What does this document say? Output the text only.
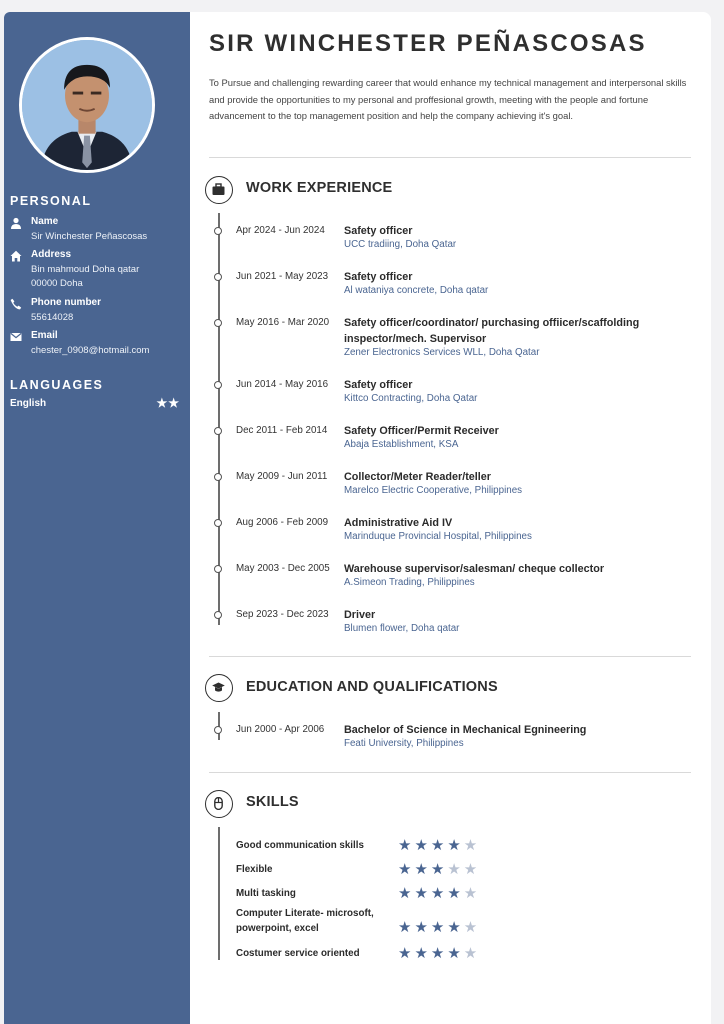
PERSONAL
Name
Sir Winchester Peñascosas
Address
Bin mahmoud Doha qatar
00000 Doha
Phone number
55614028
Email
chester_0908@hotmail.com
LANGUAGES
English	★★
SIR WINCHESTER PEÑASCOSAS
To Pursue and challenging rewarding career that would enhance my technical management and interpersonal skills and provide the opportunities to my personal and proffesional growth, meeting with the people and fortune advancement to the top management position and help the company achieving it's goal.
WORK EXPERIENCE
Apr 2024 - Jun 2024 Safety officer
UCC tradiing, Doha Qatar
Jun 2021 - May 2023 Safety officer
Al wataniya concrete, Doha qatar
May 2016 - Mar 2020 Safety officer/coordinator/ purchasing offiicer/scaffolding inspector/mech. Supervisor
Zener Electronics Services WLL, Doha Qatar
Jun 2014 - May 2016 Safety officer
Kittco Contracting, Doha Qatar
Dec 2011 - Feb 2014 Safety Officer/Permit Receiver
Abaja Establishment, KSA
May 2009 - Jun 2011 Collector/Meter Reader/teller
Marelco Electric Cooperative, Philippines
Aug 2006 - Feb 2009 Administrative Aid IV
Marinduque Provincial Hospital, Philippines
May 2003 - Dec 2005 Warehouse supervisor/salesman/ cheque collector
A.Simeon Trading, Philippines
Sep 2023 - Dec 2023 Driver
Blumen flower, Doha qatar
EDUCATION AND QUALIFICATIONS
Jun 2000 - Apr 2006 Bachelor of Science in Mechanical Egnineering
Feati University, Philippines
SKILLS
Good communication skills	★★★★★
Flexible	★★★★★
Multi tasking	★★★★★
Computer Literate- microsoft, powerpoint, excel	★★★★★
Costumer service oriented	★★★★★
